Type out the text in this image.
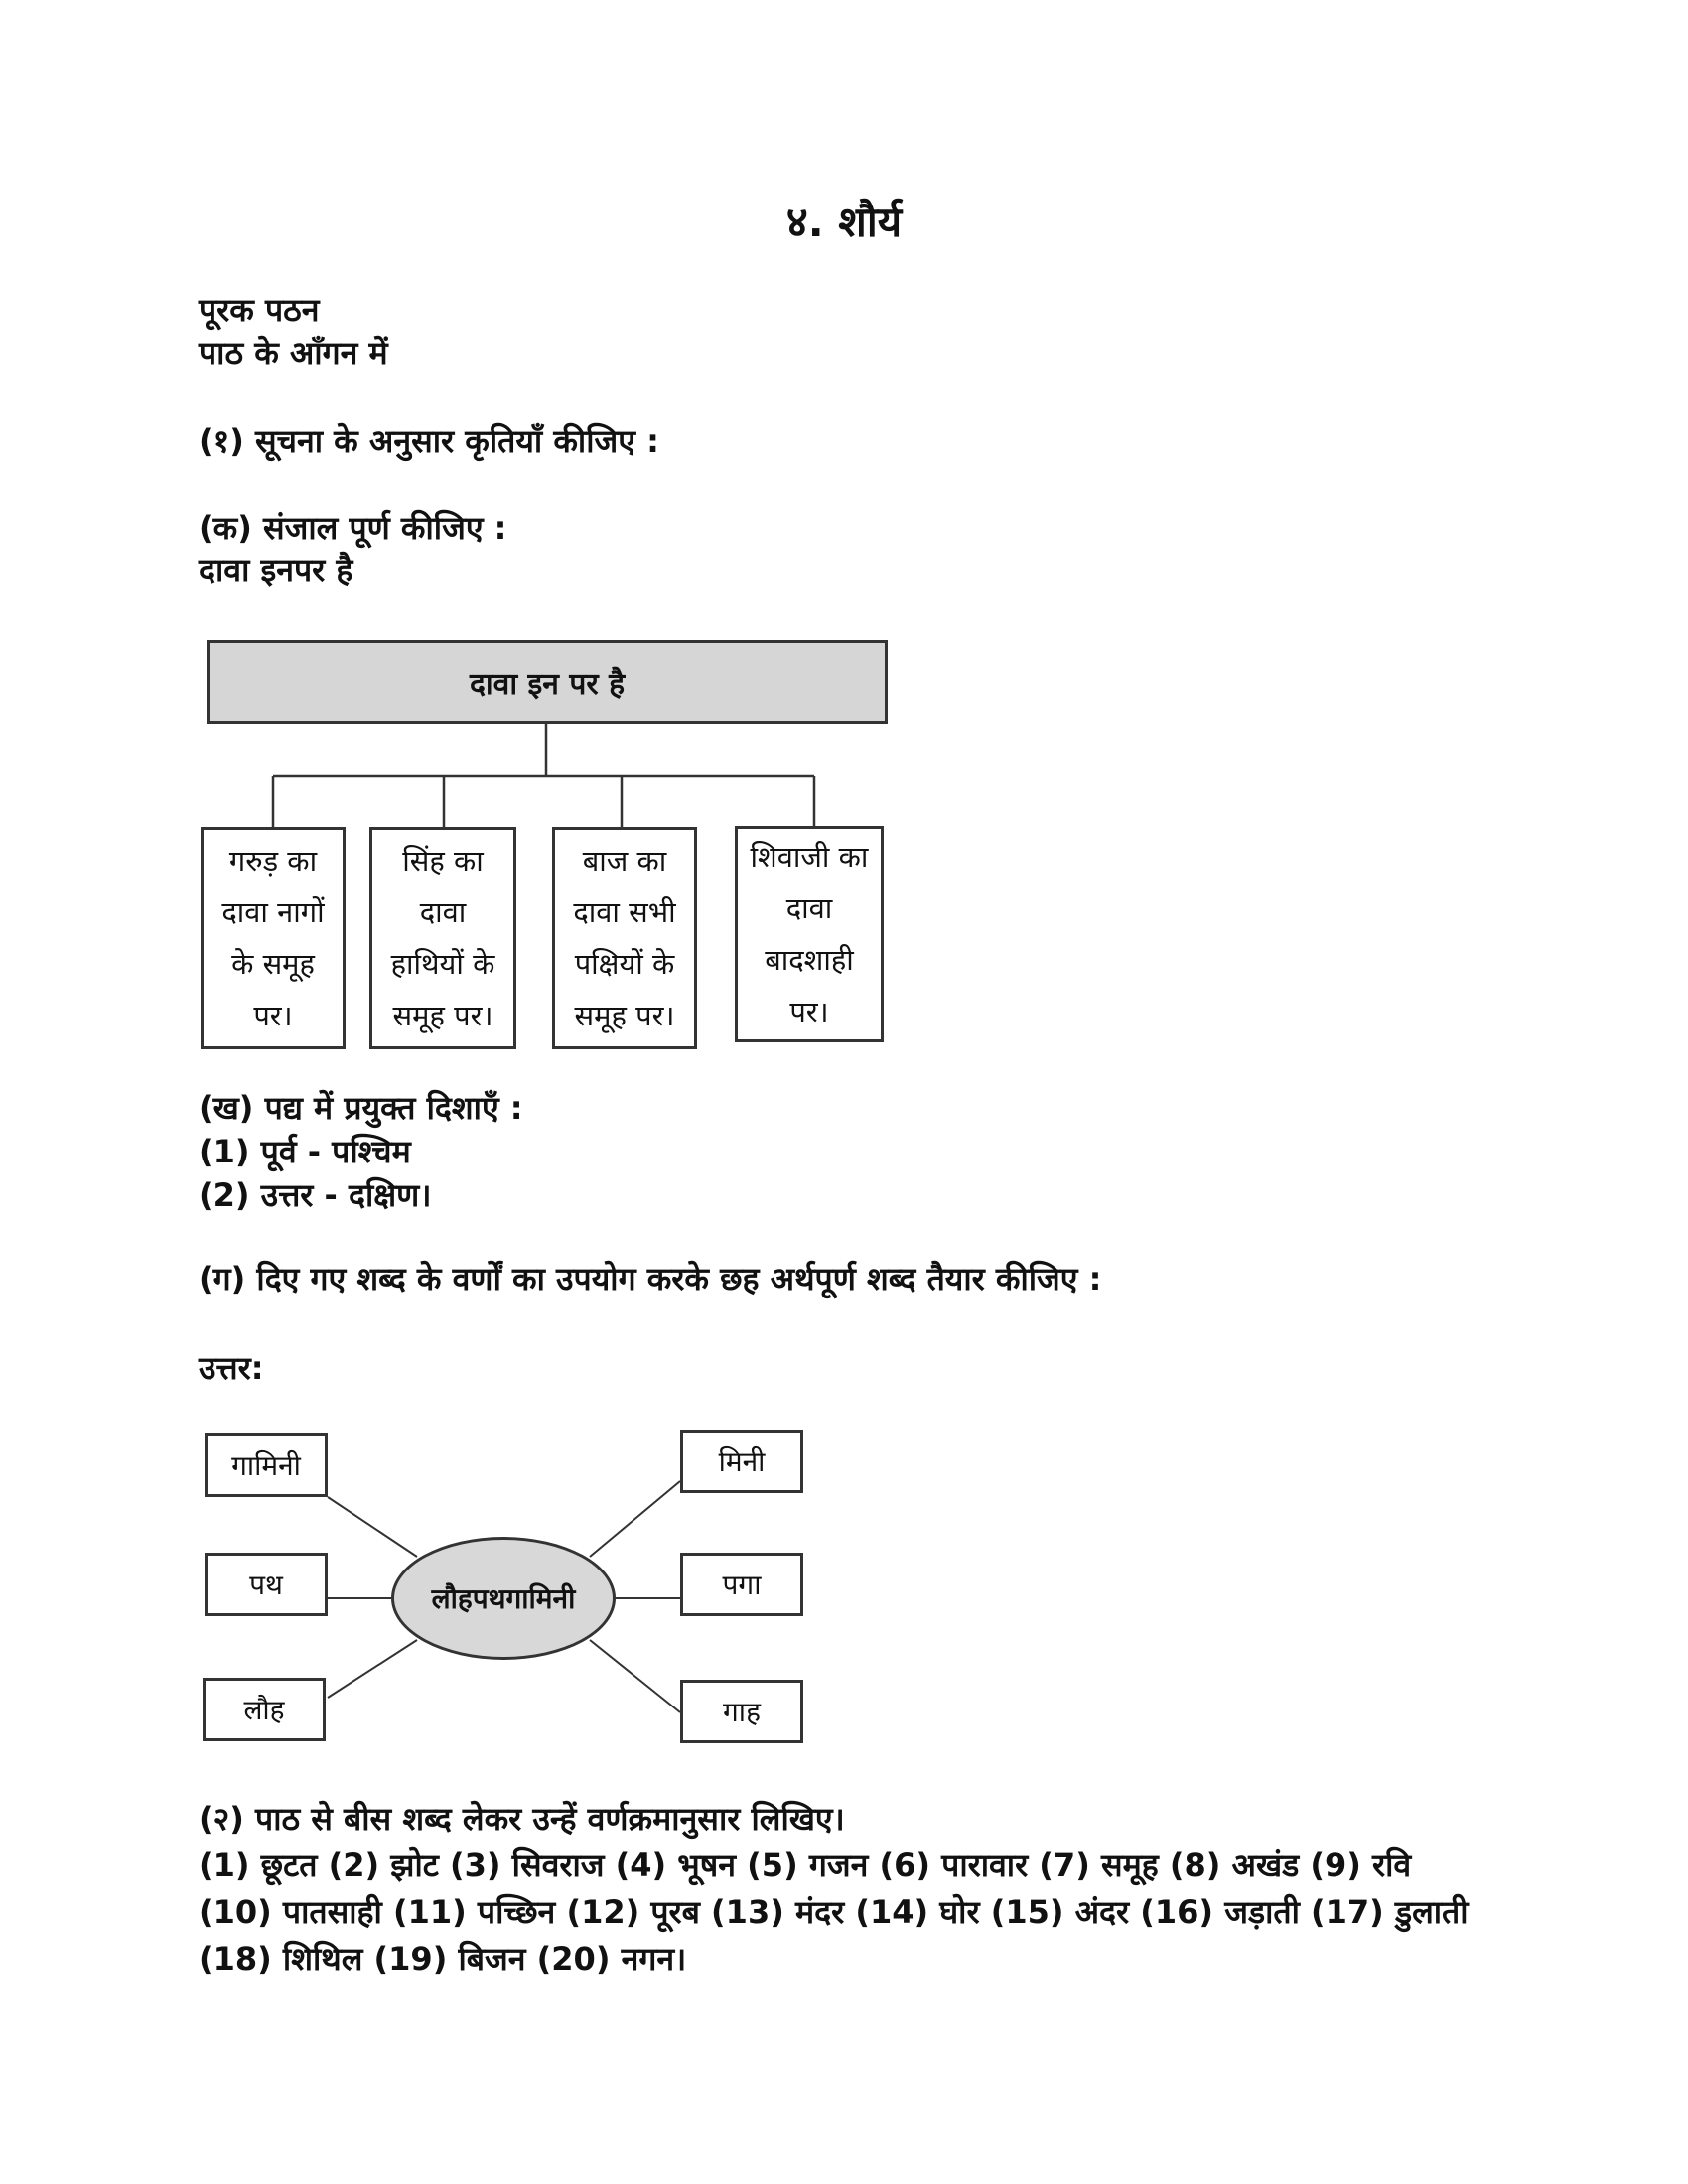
४. शौर्य
पूरक पठन
पाठ के आँगन में
(१) सूचना के अनुसार कृतियाँ कीजिए :
(क) संजाल पूर्ण कीजिए :
दावा इनपर है
दावा इन पर है
गरुड़ का दावा नागों के समूह पर।
सिंह का दावा हाथियों के समूह पर।
बाज का दावा सभी पक्षियों के समूह पर।
शिवाजी का दावा बादशाही पर।
(ख) पद्य में प्रयुक्त दिशाएँ :
(1) पूर्व - पश्चिम
(2) उत्तर - दक्षिण।
(ग) दिए गए शब्द के वर्णों का उपयोग करके छह अर्थपूर्ण शब्द तैयार कीजिए :
उत्तर:
गामिनी
पथ
लौह
लौहपथगामिनी
मिनी
पगा
गाह
(२) पाठ से बीस शब्द लेकर उन्हें वर्णक्रमानुसार लिखिए।
(1) छूटत (2) झोट (3) सिवराज (4) भूषन (5) गजन (6) पारावार (7) समूह (8) अखंड (9) रवि
(10) पातसाही (11) पच्छिन (12) पूरब (13) मंदर (14) घोर (15) अंदर (16) जड़ाती (17) डुलाती
(18) शिथिल (19) बिजन (20) नगन।
